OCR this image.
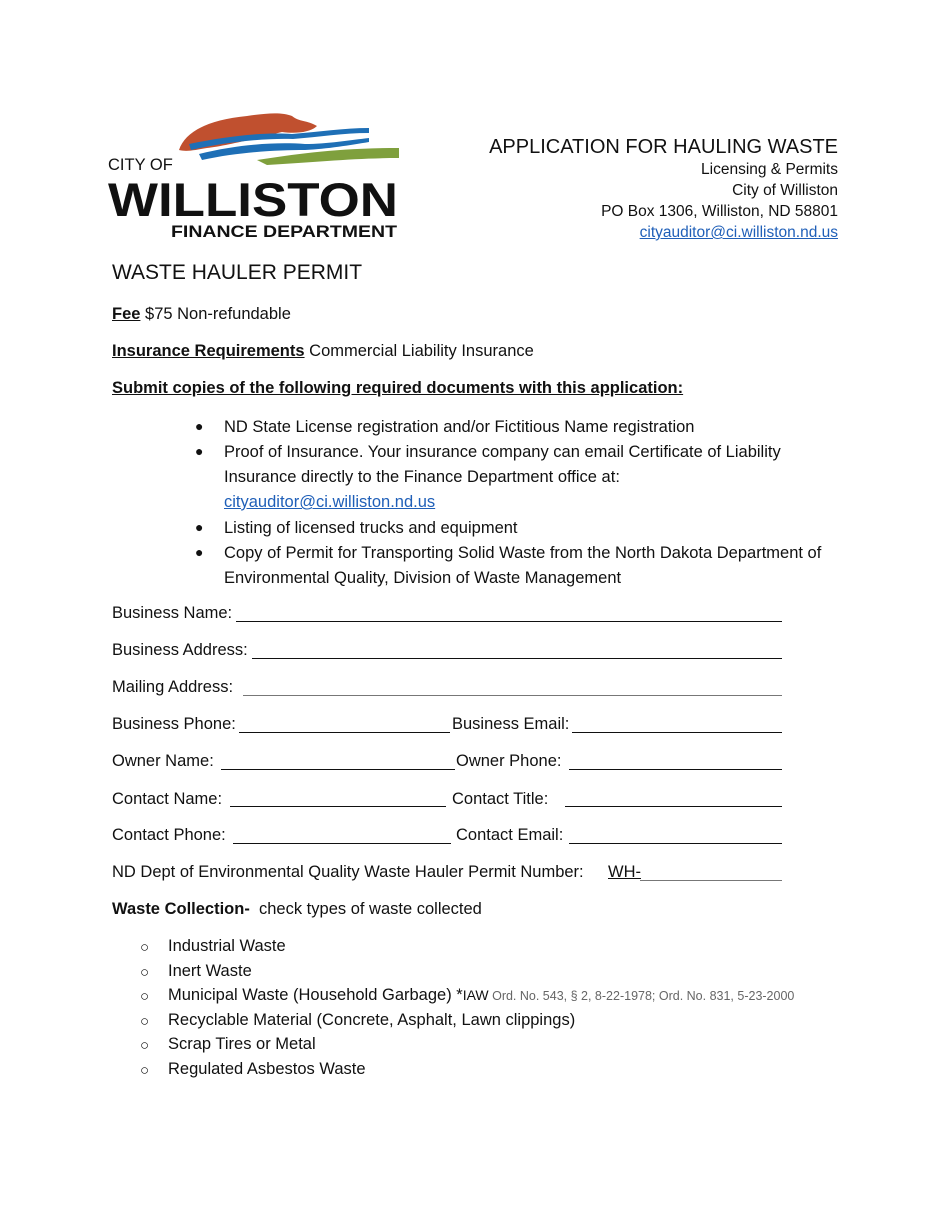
CITY OF
WILLISTON
FINANCE DEPARTMENT
APPLICATION FOR HAULING WASTE
Licensing & Permits
City of Williston
PO Box 1306, Williston, ND 58801
cityauditor@ci.williston.nd.us
WASTE HAULER PERMIT
Fee $75 Non-refundable
Insurance Requirements Commercial Liability Insurance
Submit copies of the following required documents with this application:
● ND State License registration and/or Fictitious Name registration
● Proof of Insurance. Your insurance company can email Certificate of Liability Insurance directly to the Finance Department office at:
cityauditor@ci.williston.nd.us
● Listing of licensed trucks and equipment
● Copy of Permit for Transporting Solid Waste from the North Dakota Department of Environmental Quality, Division of Waste Management
Business Name:
Business Address:
Mailing Address:
Business Phone:	Business Email:
Owner Name:	Owner Phone:
Contact Name:	Contact Title:
Contact Phone:	Contact Email:
ND Dept of Environmental Quality Waste Hauler Permit Number: WH-
Waste Collection-  check types of waste collected
○ Industrial Waste
○ Inert Waste
○ Municipal Waste (Household Garbage) *IAW Ord. No. 543, § 2, 8-22-1978; Ord. No. 831, 5-23-2000
○ Recyclable Material (Concrete, Asphalt, Lawn clippings)
○ Scrap Tires or Metal
○ Regulated Asbestos Waste
